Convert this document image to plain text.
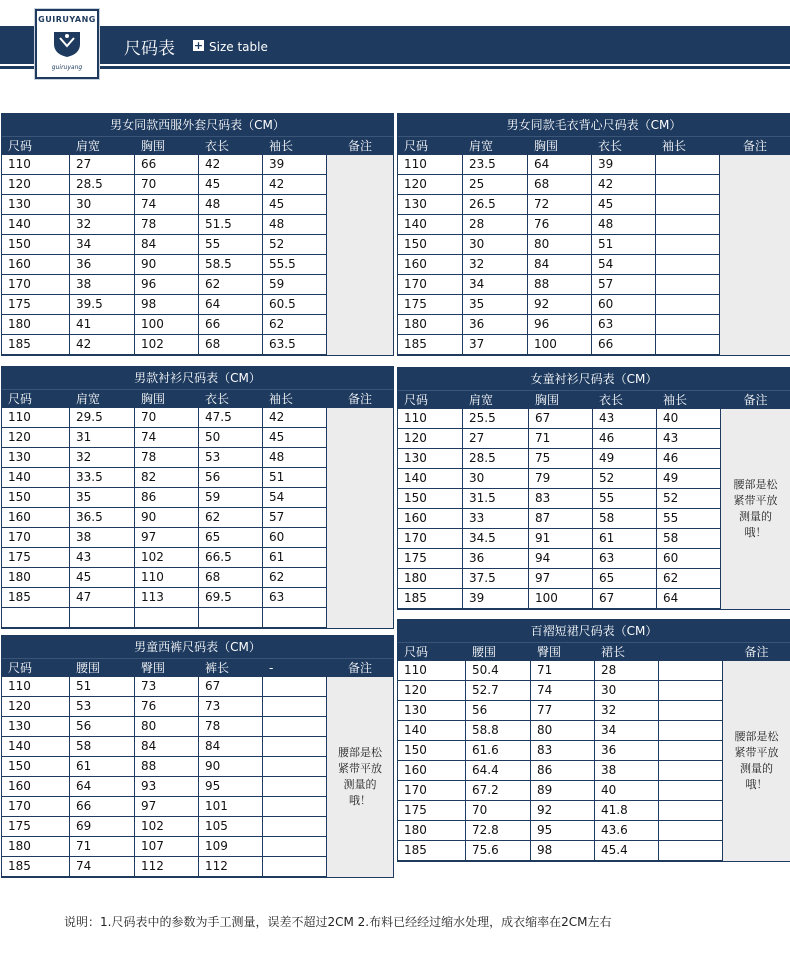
GUIRUYANG
guiruyang
尺码表 + Size table
男女同款西服外套尺码表（CM）
尺码	肩宽	胸围	衣长	袖长	备注
110	27	66	42	39
120	28.5	70	45	42
130	30	74	48	45
140	32	78	51.5	48
150	34	84	55	52
160	36	90	58.5	55.5
170	38	96	62	59
175	39.5	98	64	60.5
180	41	100	66	62
185	42	102	68	63.5
男女同款毛衣背心尺码表（CM）
尺码	肩宽	胸围	衣长	袖长	备注
110	23.5	64	39
120	25	68	42
130	26.5	72	45
140	28	76	48
150	30	80	51
160	32	84	54
170	34	88	57
175	35	92	60
180	36	96	63
185	37	100	66
男款衬衫尺码表（CM）
尺码	肩宽	胸围	衣长	袖长	备注
110	29.5	70	47.5	42
120	31	74	50	45
130	32	78	53	48
140	33.5	82	56	51
150	35	86	59	54
160	36.5	90	62	57
170	38	97	65	60
175	43	102	66.5	61
180	45	110	68	62
185	47	113	69.5	63
女童衬衫尺码表（CM）
尺码	肩宽	胸围	衣长	袖长	备注
110	25.5	67	43	40
120	27	71	46	43
130	28.5	75	49	46
140	30	79	52	49
150	31.5	83	55	52
160	33	87	58	55
170	34.5	91	61	58
175	36	94	63	60
180	37.5	97	65	62
185	39	100	67	64
腰部是松紧带平放测量的哦！
男童西裤尺码表（CM）
尺码	腰围	臀围	裤长	-	备注
110	51	73	67
120	53	76	73
130	56	80	78
140	58	84	84
150	61	88	90
160	64	93	95
170	66	97	101
175	69	102	105
180	71	107	109
185	74	112	112
腰部是松紧带平放测量的哦！
百褶短裙尺码表（CM）
尺码	腰围	臀围	裙长	备注
110	50.4	71	28
120	52.7	74	30
130	56	77	32
140	58.8	80	34
150	61.6	83	36
160	64.4	86	38
170	67.2	89	40
175	70	92	41.8
180	72.8	95	43.6
185	75.6	98	45.4
腰部是松紧带平放测量的哦！
说明：1.尺码表中的参数为手工测量，误差不超过2CM 2.布料已经经过缩水处理，成衣缩率在2CM左右
